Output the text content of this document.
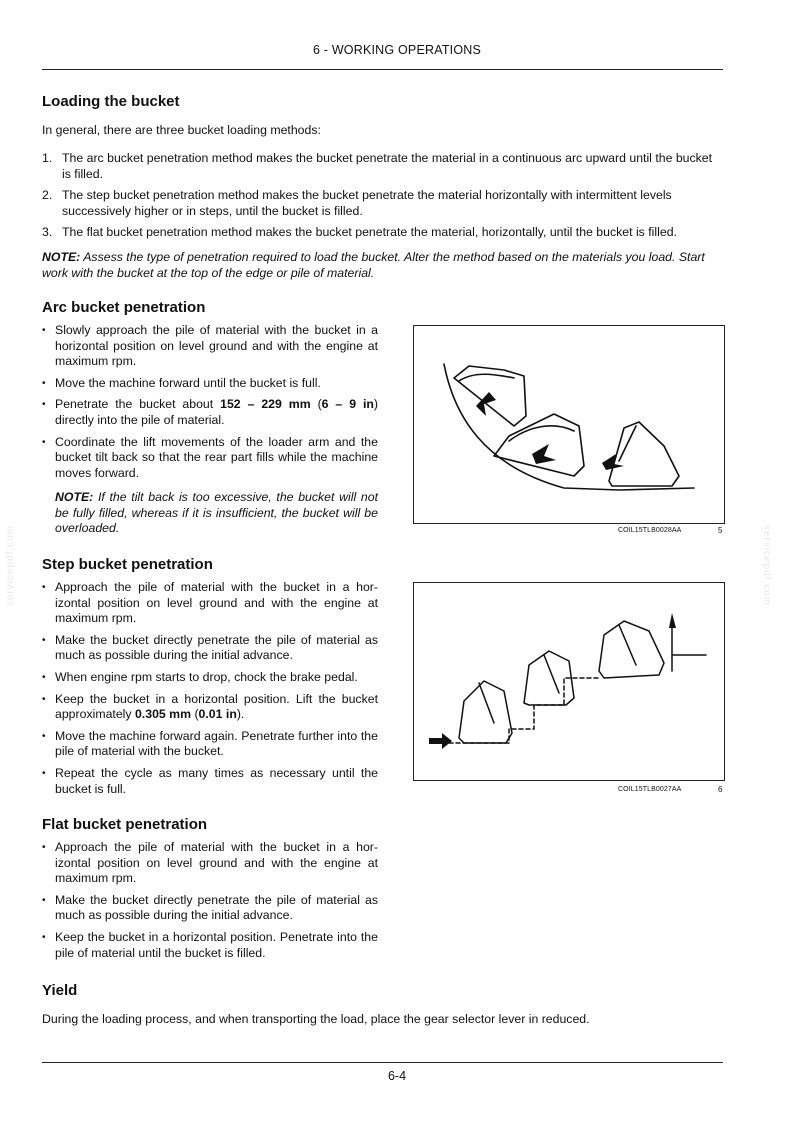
6 - WORKING OPERATIONS
Loading the bucket
In general, there are three bucket loading methods:
1. The arc bucket penetration method makes the bucket penetrate the material in a continuous arc upward until the bucket is filled.
2. The step bucket penetration method makes the bucket penetrate the material horizontally with intermittent levels successively higher or in steps, until the bucket is filled.
3. The flat bucket penetration method makes the bucket penetrate the material, horizontally, until the bucket is filled.
NOTE: Assess the type of penetration required to load the bucket. Alter the method based on the materials you load. Start work with the bucket at the top of the edge or pile of material.
Arc bucket penetration
• Slowly approach the pile of material with the bucket in a horizontal position on level ground and with the engine at maximum rpm.
• Move the machine forward until the bucket is full.
• Penetrate the bucket about 152 – 229 mm (6 – 9 in) directly into the pile of material.
• Coordinate the lift movements of the loader arm and the bucket tilt back so that the rear part fills while the machine moves forward.
NOTE: If the tilt back is too excessive, the bucket will not be fully filled, whereas if it is insufficient, the bucket will be overloaded.	COIL15TLB0028AA	5
Step bucket penetration
• Approach the pile of material with the bucket in a hor- izontal position on level ground and with the engine at maximum rpm.
• Make the bucket directly penetrate the pile of material as much as possible during the initial advance.
• When engine rpm starts to drop, chock the brake pedal.
• Keep the bucket in a horizontal position. Lift the bucket approximately 0.305 mm (0.01 in).
• Move the machine forward again. Penetrate further into the pile of material with the bucket.
• Repeat the cycle as many times as necessary until the bucket is full.	COIL15TLB0027AA	6
Flat bucket penetration
• Approach the pile of material with the bucket in a hor- izontal position on level ground and with the engine at maximum rpm.
• Make the bucket directly penetrate the pile of material as much as possible during the initial advance.
• Keep the bucket in a horizontal position. Penetrate into the pile of material until the bucket is filled.
Yield
During the loading process, and when transporting the load, place the gear selector lever in reduced.
servicepdf.com	servicepdf.com
6-4
